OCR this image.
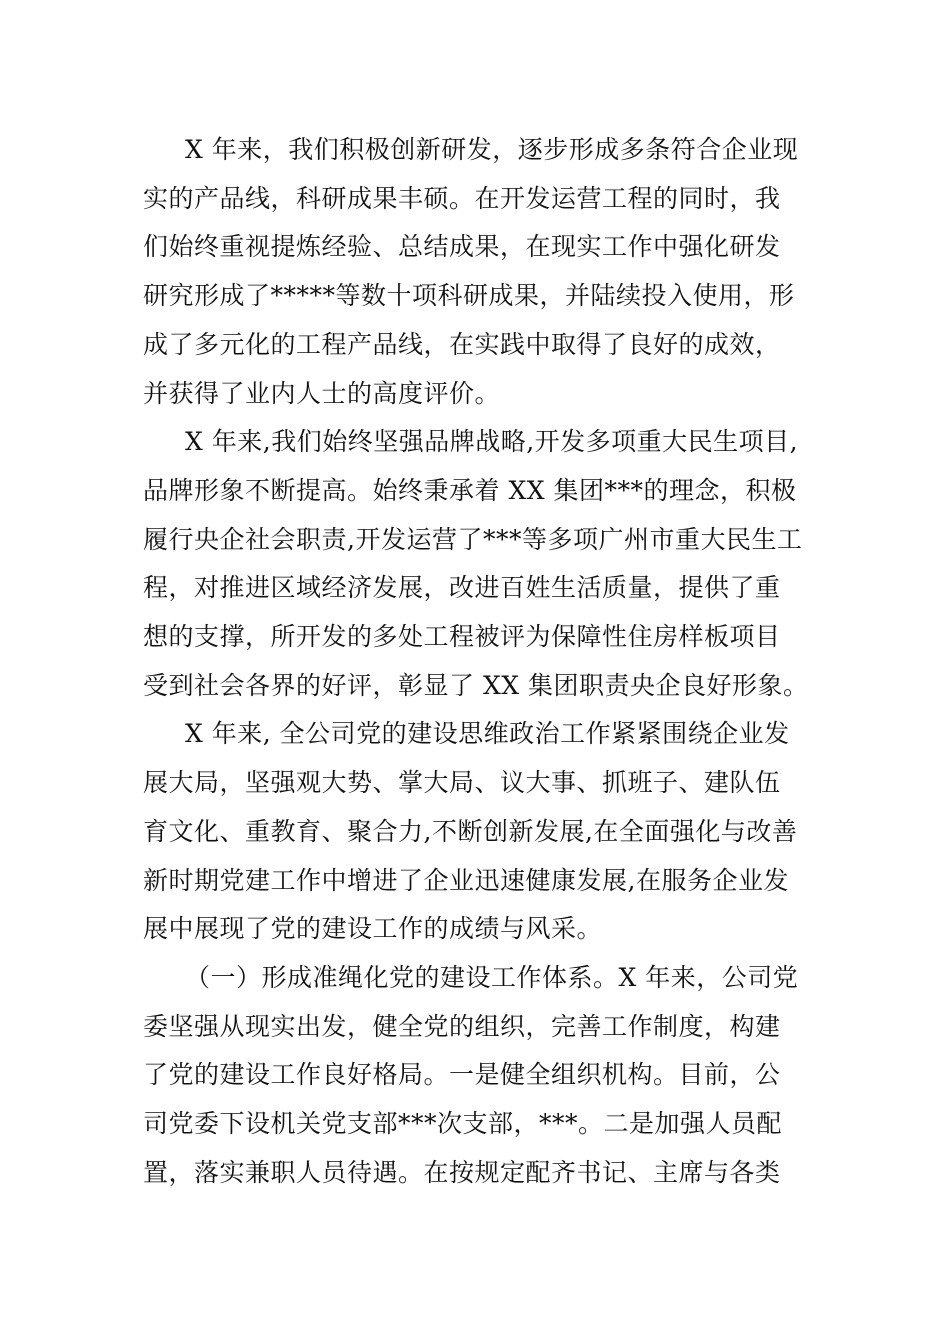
X 年来，我们积极创新研发，逐步形成多条符合企业现
实的产品线，科研成果丰硕。在开发运营工程的同时，我
们始终重视提炼经验、总结成果，在现实工作中强化研发
研究形成了*****等数十项科研成果，并陆续投入使用，形
成了多元化的工程产品线，在实践中取得了良好的成效，
并获得了业内人士的高度评价。
X 年来,我们始终坚强品牌战略,开发多项重大民生项目,
品牌形象不断提高。始终秉承着 XX 集团***的理念，积极
履行央企社会职责,开发运营了***等多项广州市重大民生工
程，对推进区域经济发展，改进百姓生活质量，提供了重
想的支撑，所开发的多处工程被评为保障性住房样板项目
受到社会各界的好评，彰显了 XX 集团职责央企良好形象。
X 年来, 全公司党的建设思维政治工作紧紧围绕企业发
展大局，坚强观大势、掌大局、议大事、抓班子、建队伍
育文化、重教育、聚合力,不断创新发展,在全面强化与改善
新时期党建工作中增进了企业迅速健康发展,在服务企业发
展中展现了党的建设工作的成绩与风采。
（一）形成准绳化党的建设工作体系。X 年来，公司党
委坚强从现实出发，健全党的组织，完善工作制度，构建
了党的建设工作良好格局。一是健全组织机构。目前，公
司党委下设机关党支部***次支部，***。二是加强人员配
置，落实兼职人员待遇。在按规定配齐书记、主席与各类
